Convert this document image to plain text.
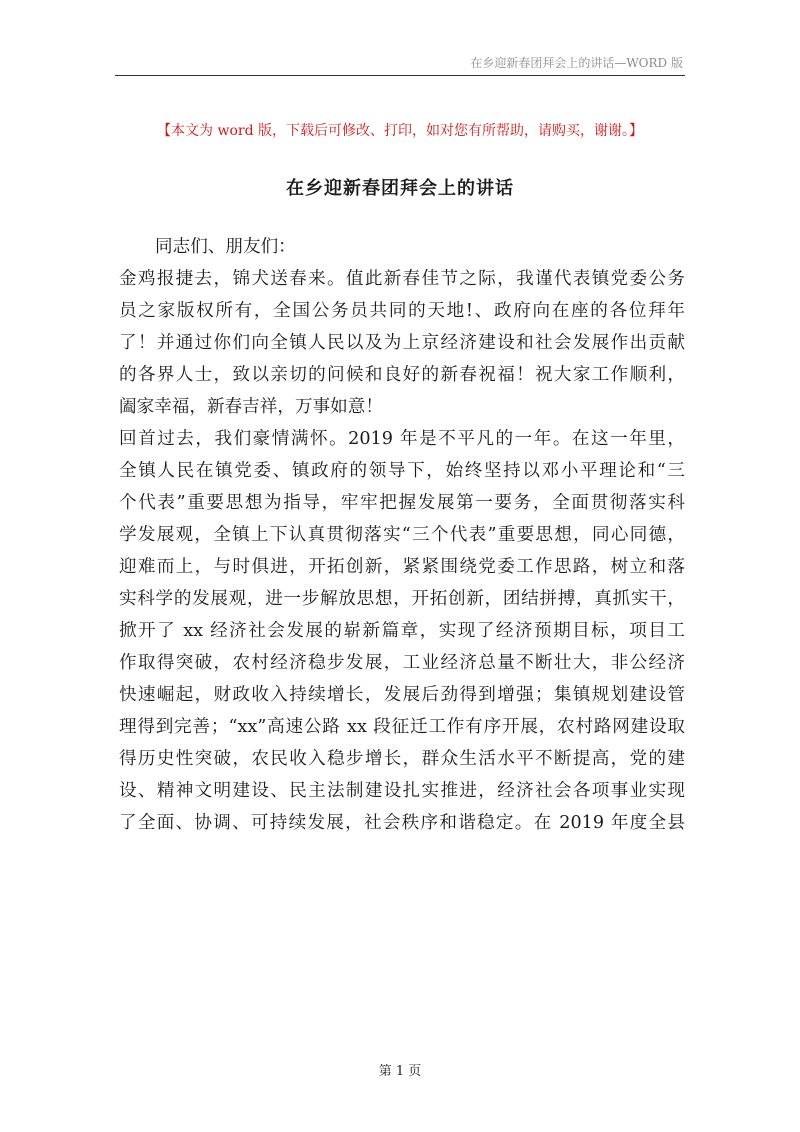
在乡迎新春团拜会上的讲话—WORD 版
【本文为 word 版，下载后可修改、打印，如对您有所帮助，请购买，谢谢。】
在乡迎新春团拜会上的讲话

同志们、朋友们：

金鸡报捷去，锦犬送春来。值此新春佳节之际，我谨代表镇党委公务
员之家版权所有，全国公务员共同的天地!、政府向在座的各位拜年
了！并通过你们向全镇人民以及为上京经济建设和社会发展作出贡献
的各界人士，致以亲切的问候和良好的新春祝福！祝大家工作顺利，
阖家幸福，新春吉祥，万事如意！

回首过去，我们豪情满怀。2019 年是不平凡的一年。在这一年里，
全镇人民在镇党委、镇政府的领导下，始终坚持以邓小平理论和“三
个代表”重要思想为指导，牢牢把握发展第一要务，全面贯彻落实科
学发展观，全镇上下认真贯彻落实“三个代表”重要思想，同心同德，
迎难而上，与时俱进，开拓创新，紧紧围绕党委工作思路，树立和落
实科学的发展观，进一步解放思想，开拓创新，团结拼搏，真抓实干，
掀开了 xx 经济社会发展的崭新篇章，实现了经济预期目标，项目工
作取得突破，农村经济稳步发展，工业经济总量不断壮大，非公经济
快速崛起，财政收入持续增长，发展后劲得到增强；集镇规划建设管
理得到完善；“xx”高速公路 xx 段征迁工作有序开展，农村路网建设取
得历史性突破，农民收入稳步增长，群众生活水平不断提高，党的建
设、精神文明建设、民主法制建设扎实推进，经济社会各项事业实现
了全面、协调、可持续发展，社会秩序和谐稳定。在 2019 年度全县

第 1 页
